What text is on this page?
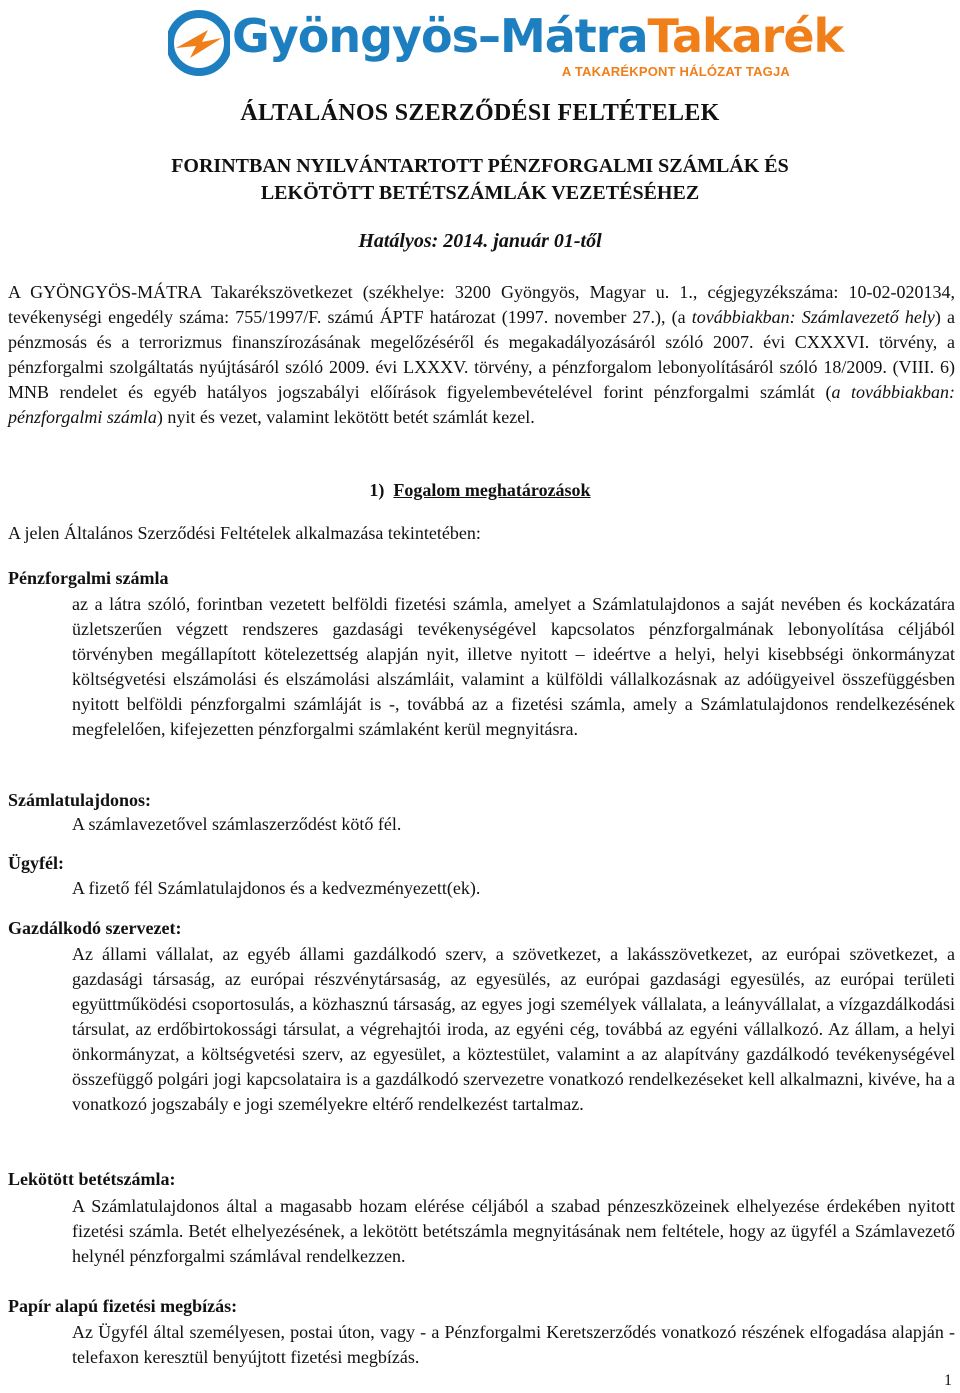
Gyöngyös–MátraTakarék
A TAKARÉKPONT HÁLÓZAT TAGJA
ÁLTALÁNOS SZERZŐDÉSI FELTÉTELEK
FORINTBAN NYILVÁNTARTOTT PÉNZFORGALMI SZÁMLÁK ÉS
LEKÖTÖTT BETÉTSZÁMLÁK VEZETÉSÉHEZ
Hatályos: 2014. január 01-től

A GYÖNGYÖS-MÁTRA Takarékszövetkezet (székhelye: 3200 Gyöngyös, Magyar u. 1., cégjegyzékszáma: 10-02-020134, tevékenységi engedély száma: 755/1997/F. számú ÁPTF határozat (1997. november 27.), (a továbbiakban: Számlavezető hely) a pénzmosás és a terrorizmus finanszírozásának megelőzéséről és megakadályozásáról szóló 2007. évi CXXXVI. törvény, a pénzforgalmi szolgáltatás nyújtásáról szóló 2009. évi LXXXV. törvény, a pénzforgalom lebonyolításáról szóló 18/2009. (VIII. 6) MNB rendelet és egyéb hatályos jogszabályi előírások figyelembevételével forint pénzforgalmi számlát (a továbbiakban: pénzforgalmi számla) nyit és vezet, valamint lekötött betét számlát kezel.

1) Fogalom meghatározások

A jelen Általános Szerződési Feltételek alkalmazása tekintetében:

Pénzforgalmi számla

az a látra szóló, forintban vezetett belföldi fizetési számla, amelyet a Számlatulajdonos a saját nevében és kockázatára üzletszerűen végzett rendszeres gazdasági tevékenységével kapcsolatos pénzforgalmának lebonyolítása céljából törvényben megállapított kötelezettség alapján nyit, illetve nyitott – ideértve a helyi, helyi kisebbségi önkormányzat költségvetési elszámolási és elszámolási alszámláit, valamint a külföldi vállalkozásnak az adóügyeivel összefüggésben nyitott belföldi pénzforgalmi számláját is -, továbbá az a fizetési számla, amely a Számlatulajdonos rendelkezésének megfelelően, kifejezetten pénzforgalmi számlaként kerül megnyitásra.

Számlatulajdonos:

A számlavezetővel számlaszerződést kötő fél.

Ügyfél:

A fizető fél Számlatulajdonos és a kedvezményezett(ek).

Gazdálkodó szervezet:

Az állami vállalat, az egyéb állami gazdálkodó szerv, a szövetkezet, a lakásszövetkezet, az európai szövetkezet, a gazdasági társaság, az európai részvénytársaság, az egyesülés, az európai gazdasági egyesülés, az európai területi együttműködési csoportosulás, a közhasznú társaság, az egyes jogi személyek vállalata, a leányvállalat, a vízgazdálkodási társulat, az erdőbirtokossági társulat, a végrehajtói iroda, az egyéni cég, továbbá az egyéni vállalkozó. Az állam, a helyi önkormányzat, a költségvetési szerv, az egyesület, a köztestület, valamint a az alapítvány gazdálkodó tevékenységével összefüggő polgári jogi kapcsolataira is a gazdálkodó szervezetre vonatkozó rendelkezéseket kell alkalmazni, kivéve, ha a vonatkozó jogszabály e jogi személyekre eltérő rendelkezést tartalmaz.

Lekötött betétszámla:

A Számlatulajdonos által a magasabb hozam elérése céljából a szabad pénzeszközeinek elhelyezése érdekében nyitott fizetési számla. Betét elhelyezésének, a lekötött betétszámla megnyitásának nem feltétele, hogy az ügyfél a Számlavezető helynél pénzforgalmi számlával rendelkezzen.

Papír alapú fizetési megbízás:

Az Ügyfél által személyesen, postai úton, vagy - a Pénzforgalmi Keretszerződés vonatkozó részének elfogadása alapján - telefaxon keresztül benyújtott fizetési megbízás.

1
